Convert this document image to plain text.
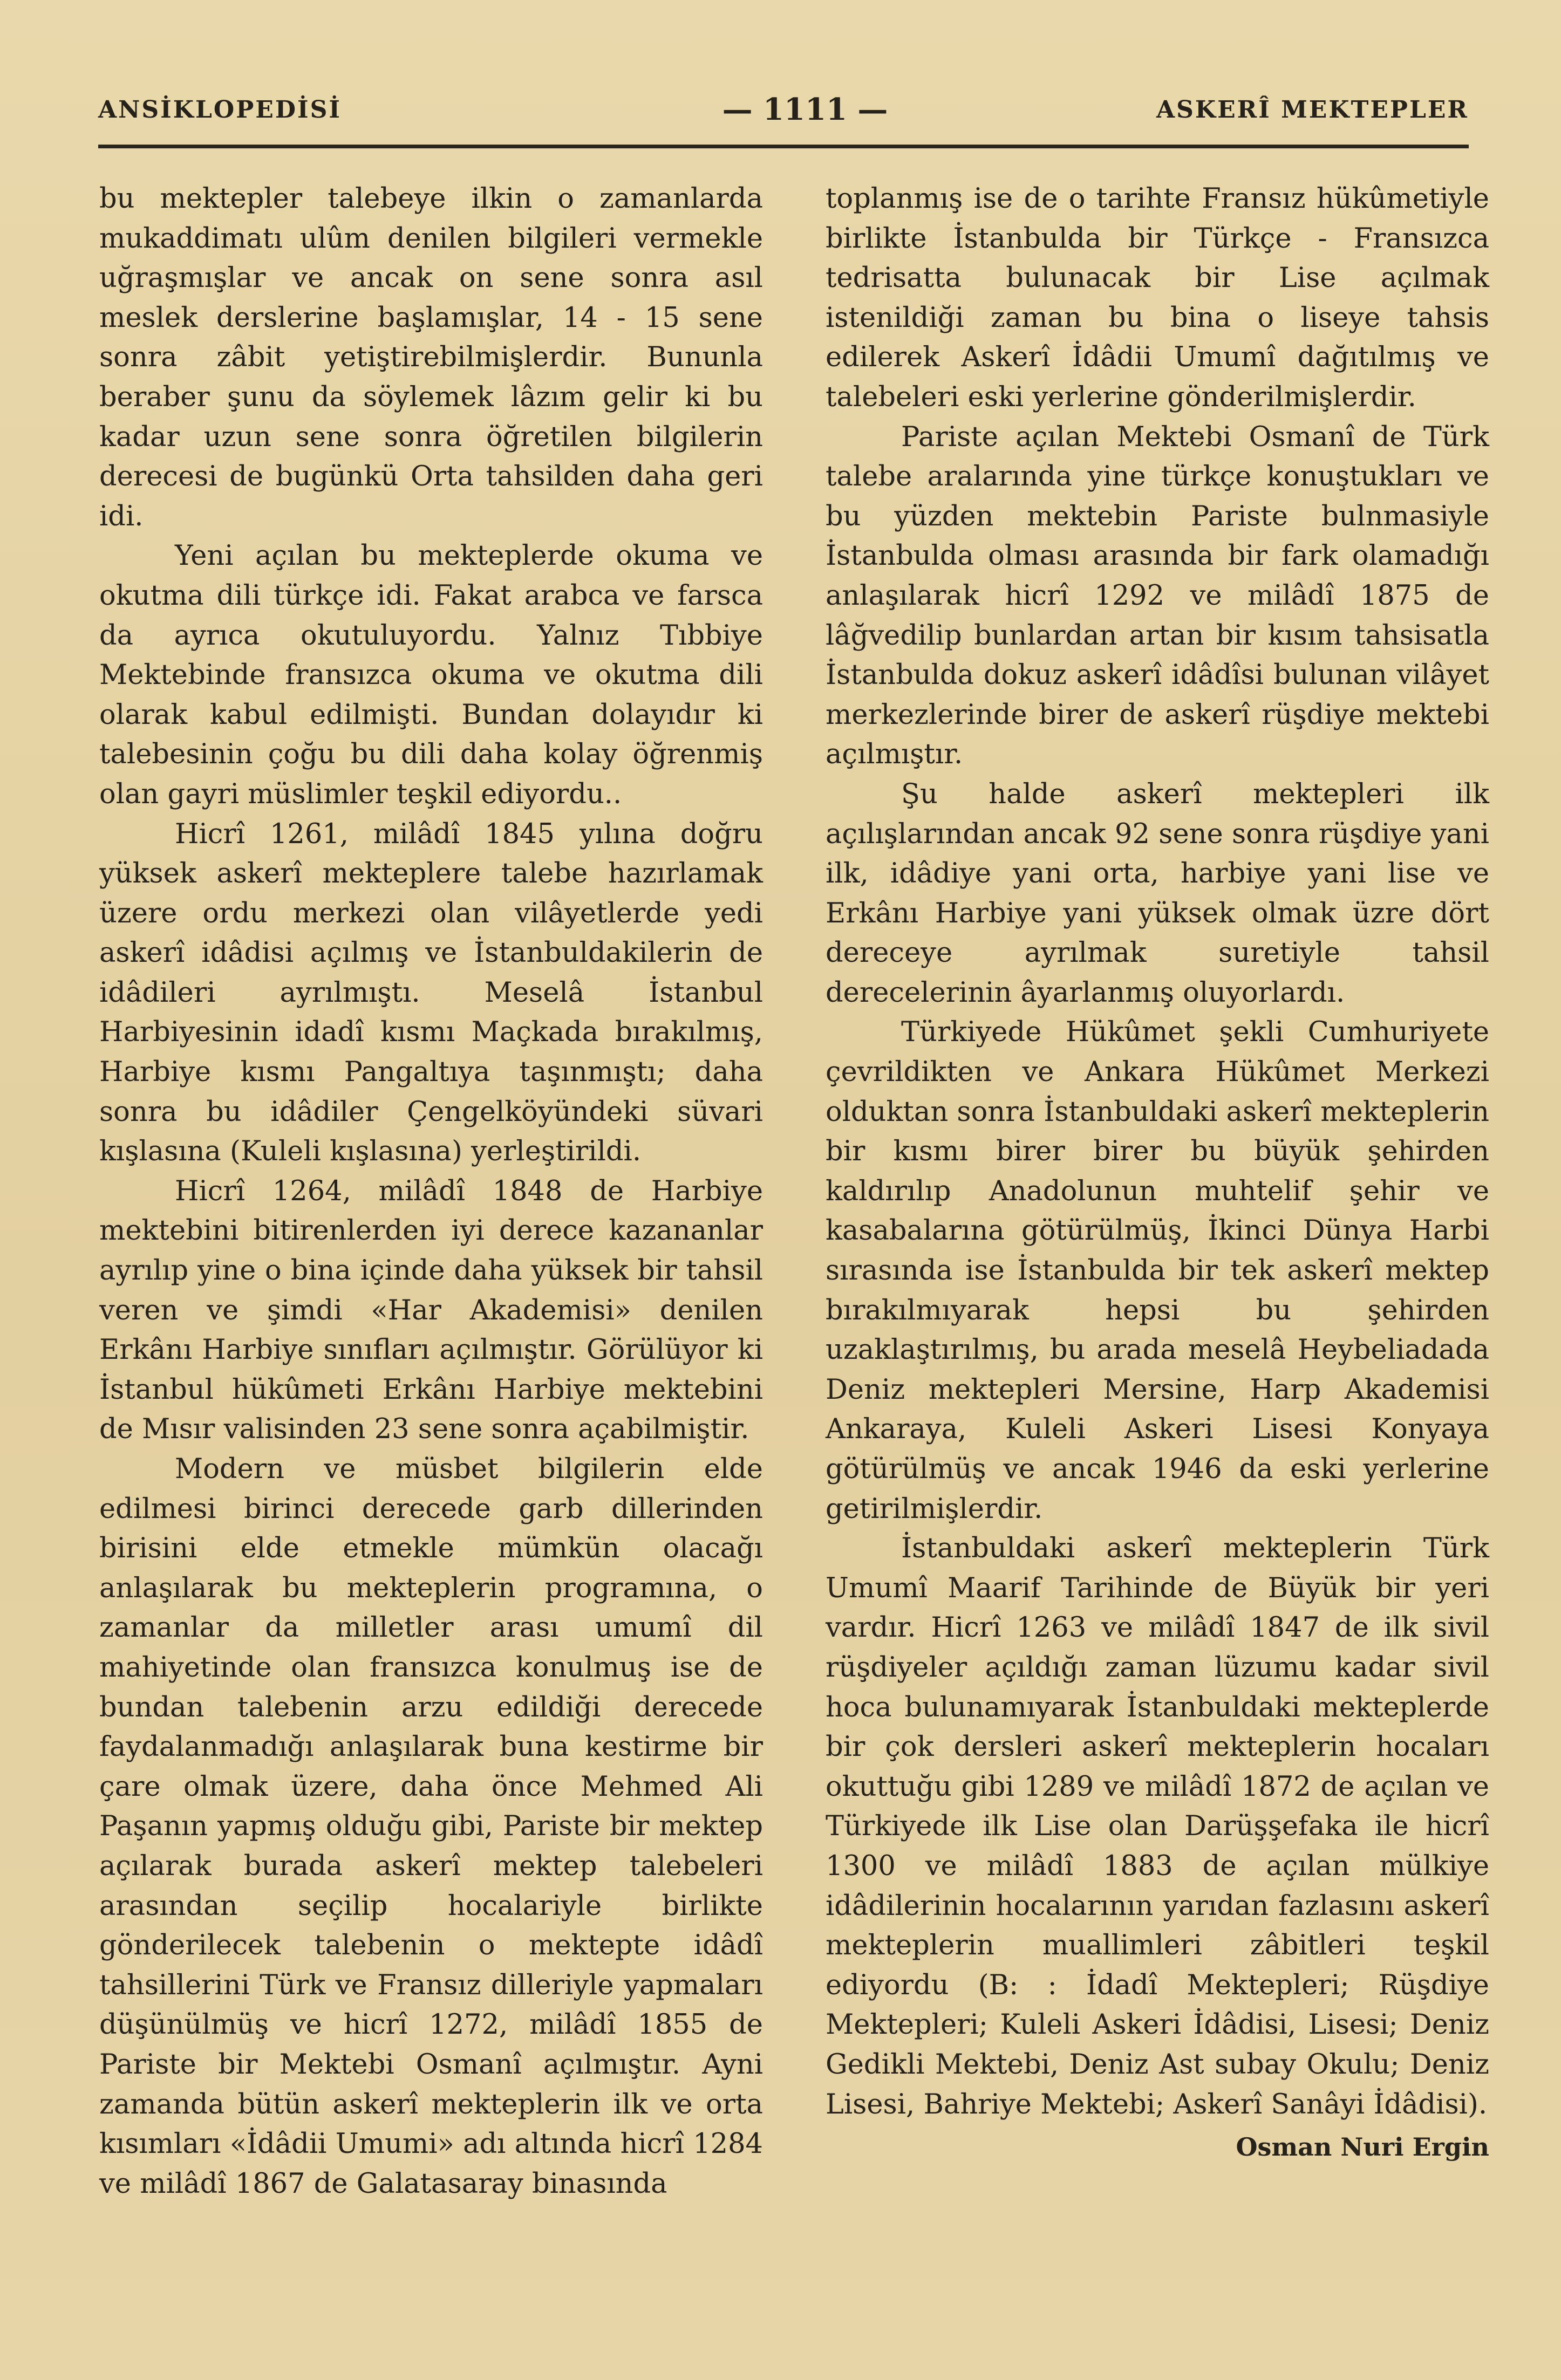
ANSİKLOPEDİSİ	— 1111 —	ASKERÎ MEKTEPLER

bu mektepler talebeye ilkin o zamanlarda mukaddimatı ulûm denilen bilgileri vermekle uğraşmışlar ve ancak on sene sonra asıl meslek derslerine başlamışlar, 14 - 15 sene sonra zâbit yetiştirebilmişlerdir. Bununla beraber şunu da söylemek lâzım gelir ki bu kadar uzun sene sonra öğretilen bilgilerin derecesi de bugünkü Orta tahsilden daha geri idi.

Yeni açılan bu mekteplerde okuma ve okutma dili türkçe idi. Fakat arabca ve farsca da ayrıca okutuluyordu. Yalnız Tıbbiye Mektebinde fransızca okuma ve okutma dili olarak kabul edilmişti. Bundan dolayıdır ki talebesinin çoğu bu dili daha kolay öğrenmiş olan gayri müslimler teşkil ediyordu..

Hicrî 1261, milâdî 1845 yılına doğru yüksek askerî mekteplere talebe hazırlamak üzere ordu merkezi olan vilâyetlerde yedi askerî idâdisi açılmış ve İstanbuldakilerin de idâdileri ayrılmıştı. Meselâ İstanbul Harbiyesinin idadî kısmı Maçkada bırakılmış, Harbiye kısmı Pangaltıya taşınmıştı; daha sonra bu idâdiler Çengelköyündeki süvari kışlasına (Kuleli kışlasına) yerleştirildi.

Hicrî 1264, milâdî 1848 de Harbiye mektebini bitirenlerden iyi derece kazananlar ayrılıp yine o bina içinde daha yüksek bir tahsil veren ve şimdi «Har Akademisi» denilen Erkânı Harbiye sınıfları açılmıştır. Görülüyor ki İstanbul hükûmeti Erkânı Harbiye mektebini de Mısır valisinden 23 sene sonra açabilmiştir.

Modern ve müsbet bilgilerin elde edilmesi birinci derecede garb dillerinden birisini elde etmekle mümkün olacağı anlaşılarak bu mekteplerin programına, o zamanlar da milletler arası umumî dil mahiyetinde olan fransızca konulmuş ise de bundan talebenin arzu edildiği derecede faydalanmadığı anlaşılarak buna kestirme bir çare olmak üzere, daha önce Mehmed Ali Paşanın yapmış olduğu gibi, Pariste bir mektep açılarak burada askerî mektep talebeleri arasından seçilip hocalariyle birlikte gönderilecek talebenin o mektepte idâdî tahsillerini Türk ve Fransız dilleriyle yapmaları düşünülmüş ve hicrî 1272, milâdî 1855 de Pariste bir Mektebi Osmanî açılmıştır. Ayni zamanda bütün askerî mekteplerin ilk ve orta kısımları «İdâdii Umumi» adı altında hicrî 1284 ve milâdî 1867 de Galatasaray binasında

toplanmış ise de o tarihte Fransız hükûmetiyle birlikte İstanbulda bir Türkçe - Fransızca tedrisatta bulunacak bir Lise açılmak istenildiği zaman bu bina o liseye tahsis edilerek Askerî İdâdii Umumî dağıtılmış ve talebeleri eski yerlerine gönderilmişlerdir.

Pariste açılan Mektebi Osmanî de Türk talebe aralarında yine türkçe konuştukları ve bu yüzden mektebin Pariste bulnmasiyle İstanbulda olması arasında bir fark olamadığı anlaşılarak hicrî 1292 ve milâdî 1875 de lâğvedilip bunlardan artan bir kısım tahsisatla İstanbulda dokuz askerî idâdîsi bulunan vilâyet merkezlerinde birer de askerî rüşdiye mektebi açılmıştır.

Şu halde askerî mektepleri ilk açılışlarından ancak 92 sene sonra rüşdiye yani ilk, idâdiye yani orta, harbiye yani lise ve Erkânı Harbiye yani yüksek olmak üzre dört dereceye ayrılmak suretiyle tahsil derecelerinin âyarlanmış oluyorlardı.

Türkiyede Hükûmet şekli Cumhuriyete çevrildikten ve Ankara Hükûmet Merkezi olduktan sonra İstanbuldaki askerî mekteplerin bir kısmı birer birer bu büyük şehirden kaldırılıp Anadolunun muhtelif şehir ve kasabalarına götürülmüş, İkinci Dünya Harbi sırasında ise İstanbulda bir tek askerî mektep bırakılmıyarak hepsi bu şehirden uzaklaştırılmış, bu arada meselâ Heybeliadada Deniz mektepleri Mersine, Harp Akademisi Ankaraya, Kuleli Askeri Lisesi Konyaya götürülmüş ve ancak 1946 da eski yerlerine getirilmişlerdir.

İstanbuldaki askerî mekteplerin Türk Umumî Maarif Tarihinde de Büyük bir yeri vardır. Hicrî 1263 ve milâdî 1847 de ilk sivil rüşdiyeler açıldığı zaman lüzumu kadar sivil hoca bulunamıyarak İstanbuldaki mekteplerde bir çok dersleri askerî mekteplerin hocaları okuttuğu gibi 1289 ve milâdî 1872 de açılan ve Türkiyede ilk Lise olan Darüşşefaka ile hicrî 1300 ve milâdî 1883 de açılan mülkiye idâdilerinin hocalarının yarıdan fazlasını askerî mekteplerin muallimleri zâbitleri teşkil ediyordu (B: : İdadî Mektepleri; Rüşdiye Mektepleri; Kuleli Askeri İdâdisi, Lisesi; Deniz Gedikli Mektebi, Deniz Ast subay Okulu; Deniz Lisesi, Bahriye Mektebi; Askerî Sanâyi İdâdisi).

Osman Nuri Ergin
